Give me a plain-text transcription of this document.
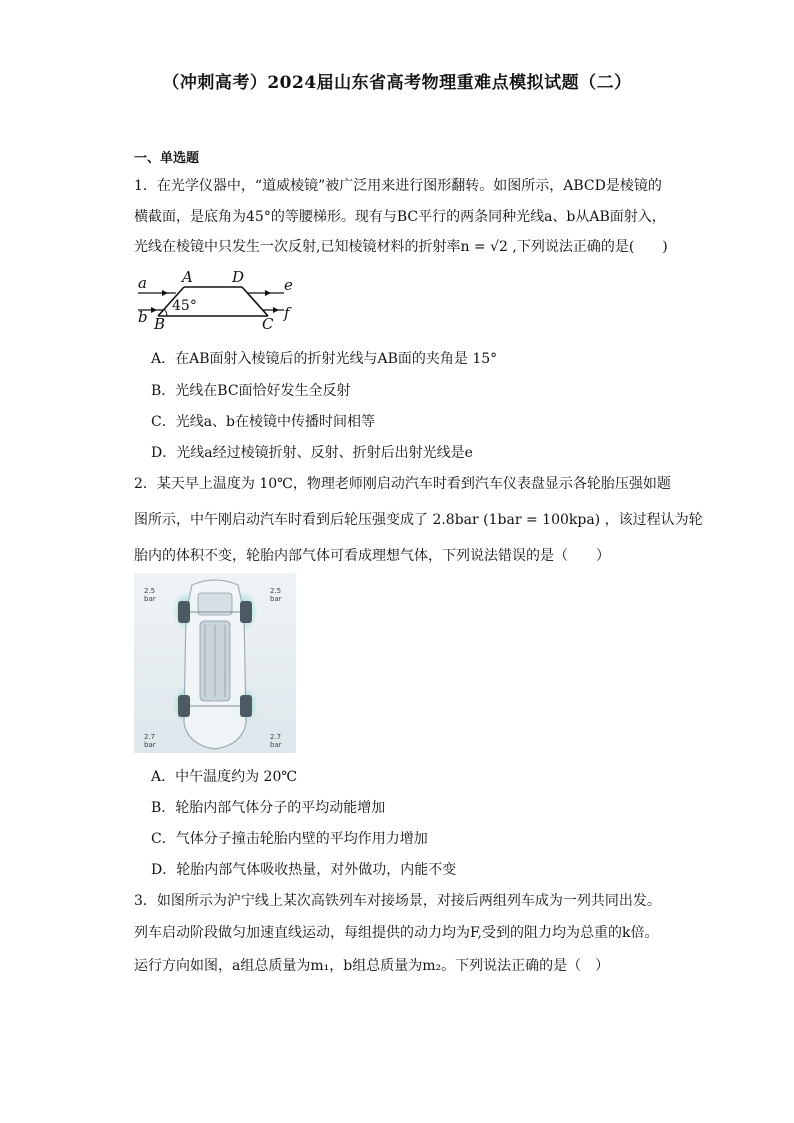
（冲刺高考）2024届山东省高考物理重难点模拟试题（二）
一、单选题
1．在光学仪器中，“道威棱镜”被广泛用来进行图形翻转。如图所示，ABCD是棱镜的
横截面，是底角为45°的等腰梯形。现有与BC平行的两条同种光线a、b从AB面射入，
光线在棱镜中只发生一次反射,已知棱镜材料的折射率n = √2 ,下列说法正确的是(　　)
a
b
A	D
B	C
e
f
45°
A．在AB面射入棱镜后的折射光线与AB面的夹角是 15°
B．光线在BC面恰好发生全反射
C．光线a、b在棱镜中传播时间相等
D．光线a经过棱镜折射、反射、折射后出射光线是e
2．某天早上温度为 10℃，物理老师刚启动汽车时看到汽车仪表盘显示各轮胎压强如题
图所示，中午刚启动汽车时看到后轮压强变成了 2.8bar (1bar = 100kpa) ，该过程认为轮
胎内的体积不变，轮胎内部气体可看成理想气体，下列说法错误的是（　　）
2.5
bar
2.5
bar
2.7
bar
2.7
bar
A．中午温度约为 20℃
B．轮胎内部气体分子的平均动能增加
C．气体分子撞击轮胎内壁的平均作用力增加
D．轮胎内部气体吸收热量，对外做功，内能不变
3．如图所示为沪宁线上某次高铁列车对接场景，对接后两组列车成为一列共同出发。
列车启动阶段做匀加速直线运动，每组提供的动力均为F,受到的阻力均为总重的k倍。
运行方向如图，a组总质量为m₁，b组总质量为m₂。下列说法正确的是（　）
